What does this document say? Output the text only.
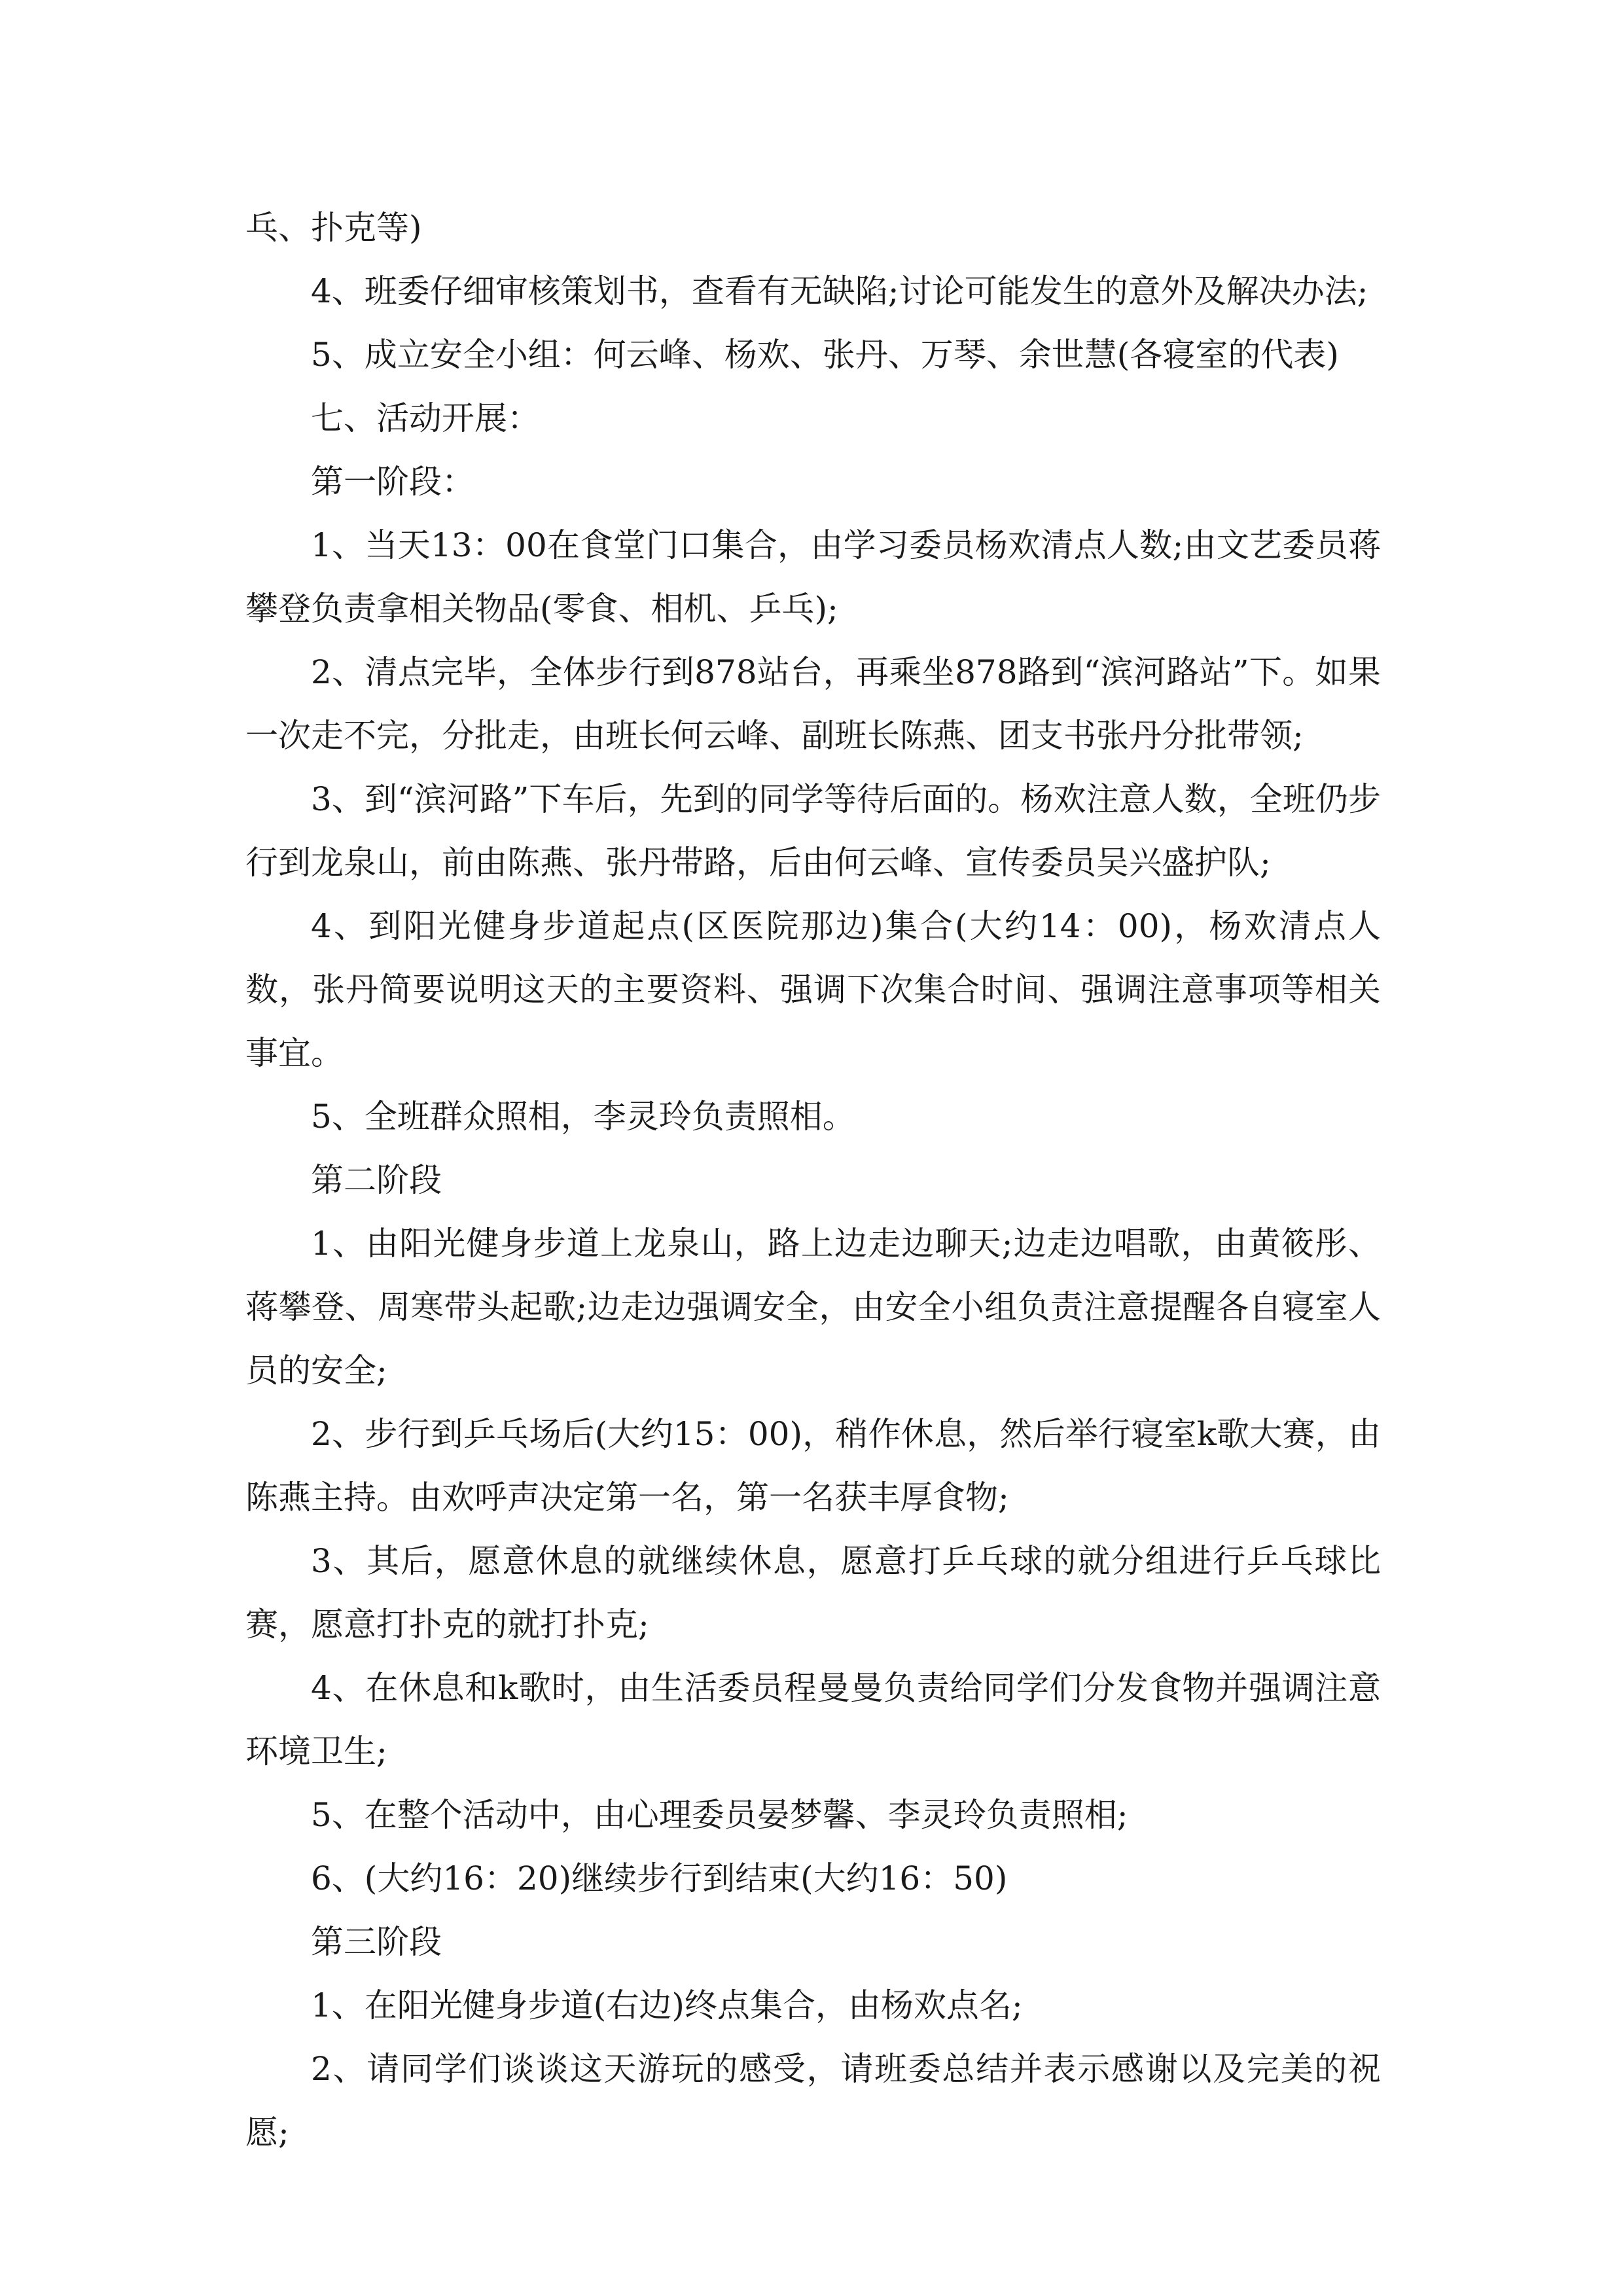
乓、扑克等)

4、班委仔细审核策划书，查看有无缺陷;讨论可能发生的意外及解决办法;

5、成立安全小组：何云峰、杨欢、张丹、万琴、余世慧(各寝室的代表)

七、活动开展：

第一阶段：

1、当天13：00在食堂门口集合，由学习委员杨欢清点人数;由文艺委员蒋攀登负责拿相关物品(零食、相机、乒乓);

2、清点完毕，全体步行到878站台，再乘坐878路到“滨河路站”下。如果一次走不完，分批走，由班长何云峰、副班长陈燕、团支书张丹分批带领;

3、到“滨河路”下车后，先到的同学等待后面的。杨欢注意人数，全班仍步行到龙泉山，前由陈燕、张丹带路，后由何云峰、宣传委员吴兴盛护队;

4、到阳光健身步道起点(区医院那边)集合(大约14：00)，杨欢清点人数，张丹简要说明这天的主要资料、强调下次集合时间、强调注意事项等相关事宜。

5、全班群众照相，李灵玲负责照相。

第二阶段

1、由阳光健身步道上龙泉山，路上边走边聊天;边走边唱歌，由黄筱彤、蒋攀登、周寒带头起歌;边走边强调安全，由安全小组负责注意提醒各自寝室人员的安全;

2、步行到乒乓场后(大约15：00)，稍作休息，然后举行寝室k歌大赛，由陈燕主持。由欢呼声决定第一名，第一名获丰厚食物;

3、其后，愿意休息的就继续休息，愿意打乒乓球的就分组进行乒乓球比赛，愿意打扑克的就打扑克;

4、在休息和k歌时，由生活委员程曼曼负责给同学们分发食物并强调注意环境卫生;

5、在整个活动中，由心理委员晏梦馨、李灵玲负责照相;

6、(大约16：20)继续步行到结束(大约16：50)

第三阶段

1、在阳光健身步道(右边)终点集合，由杨欢点名;

2、请同学们谈谈这天游玩的感受，请班委总结并表示感谢以及完美的祝愿;
